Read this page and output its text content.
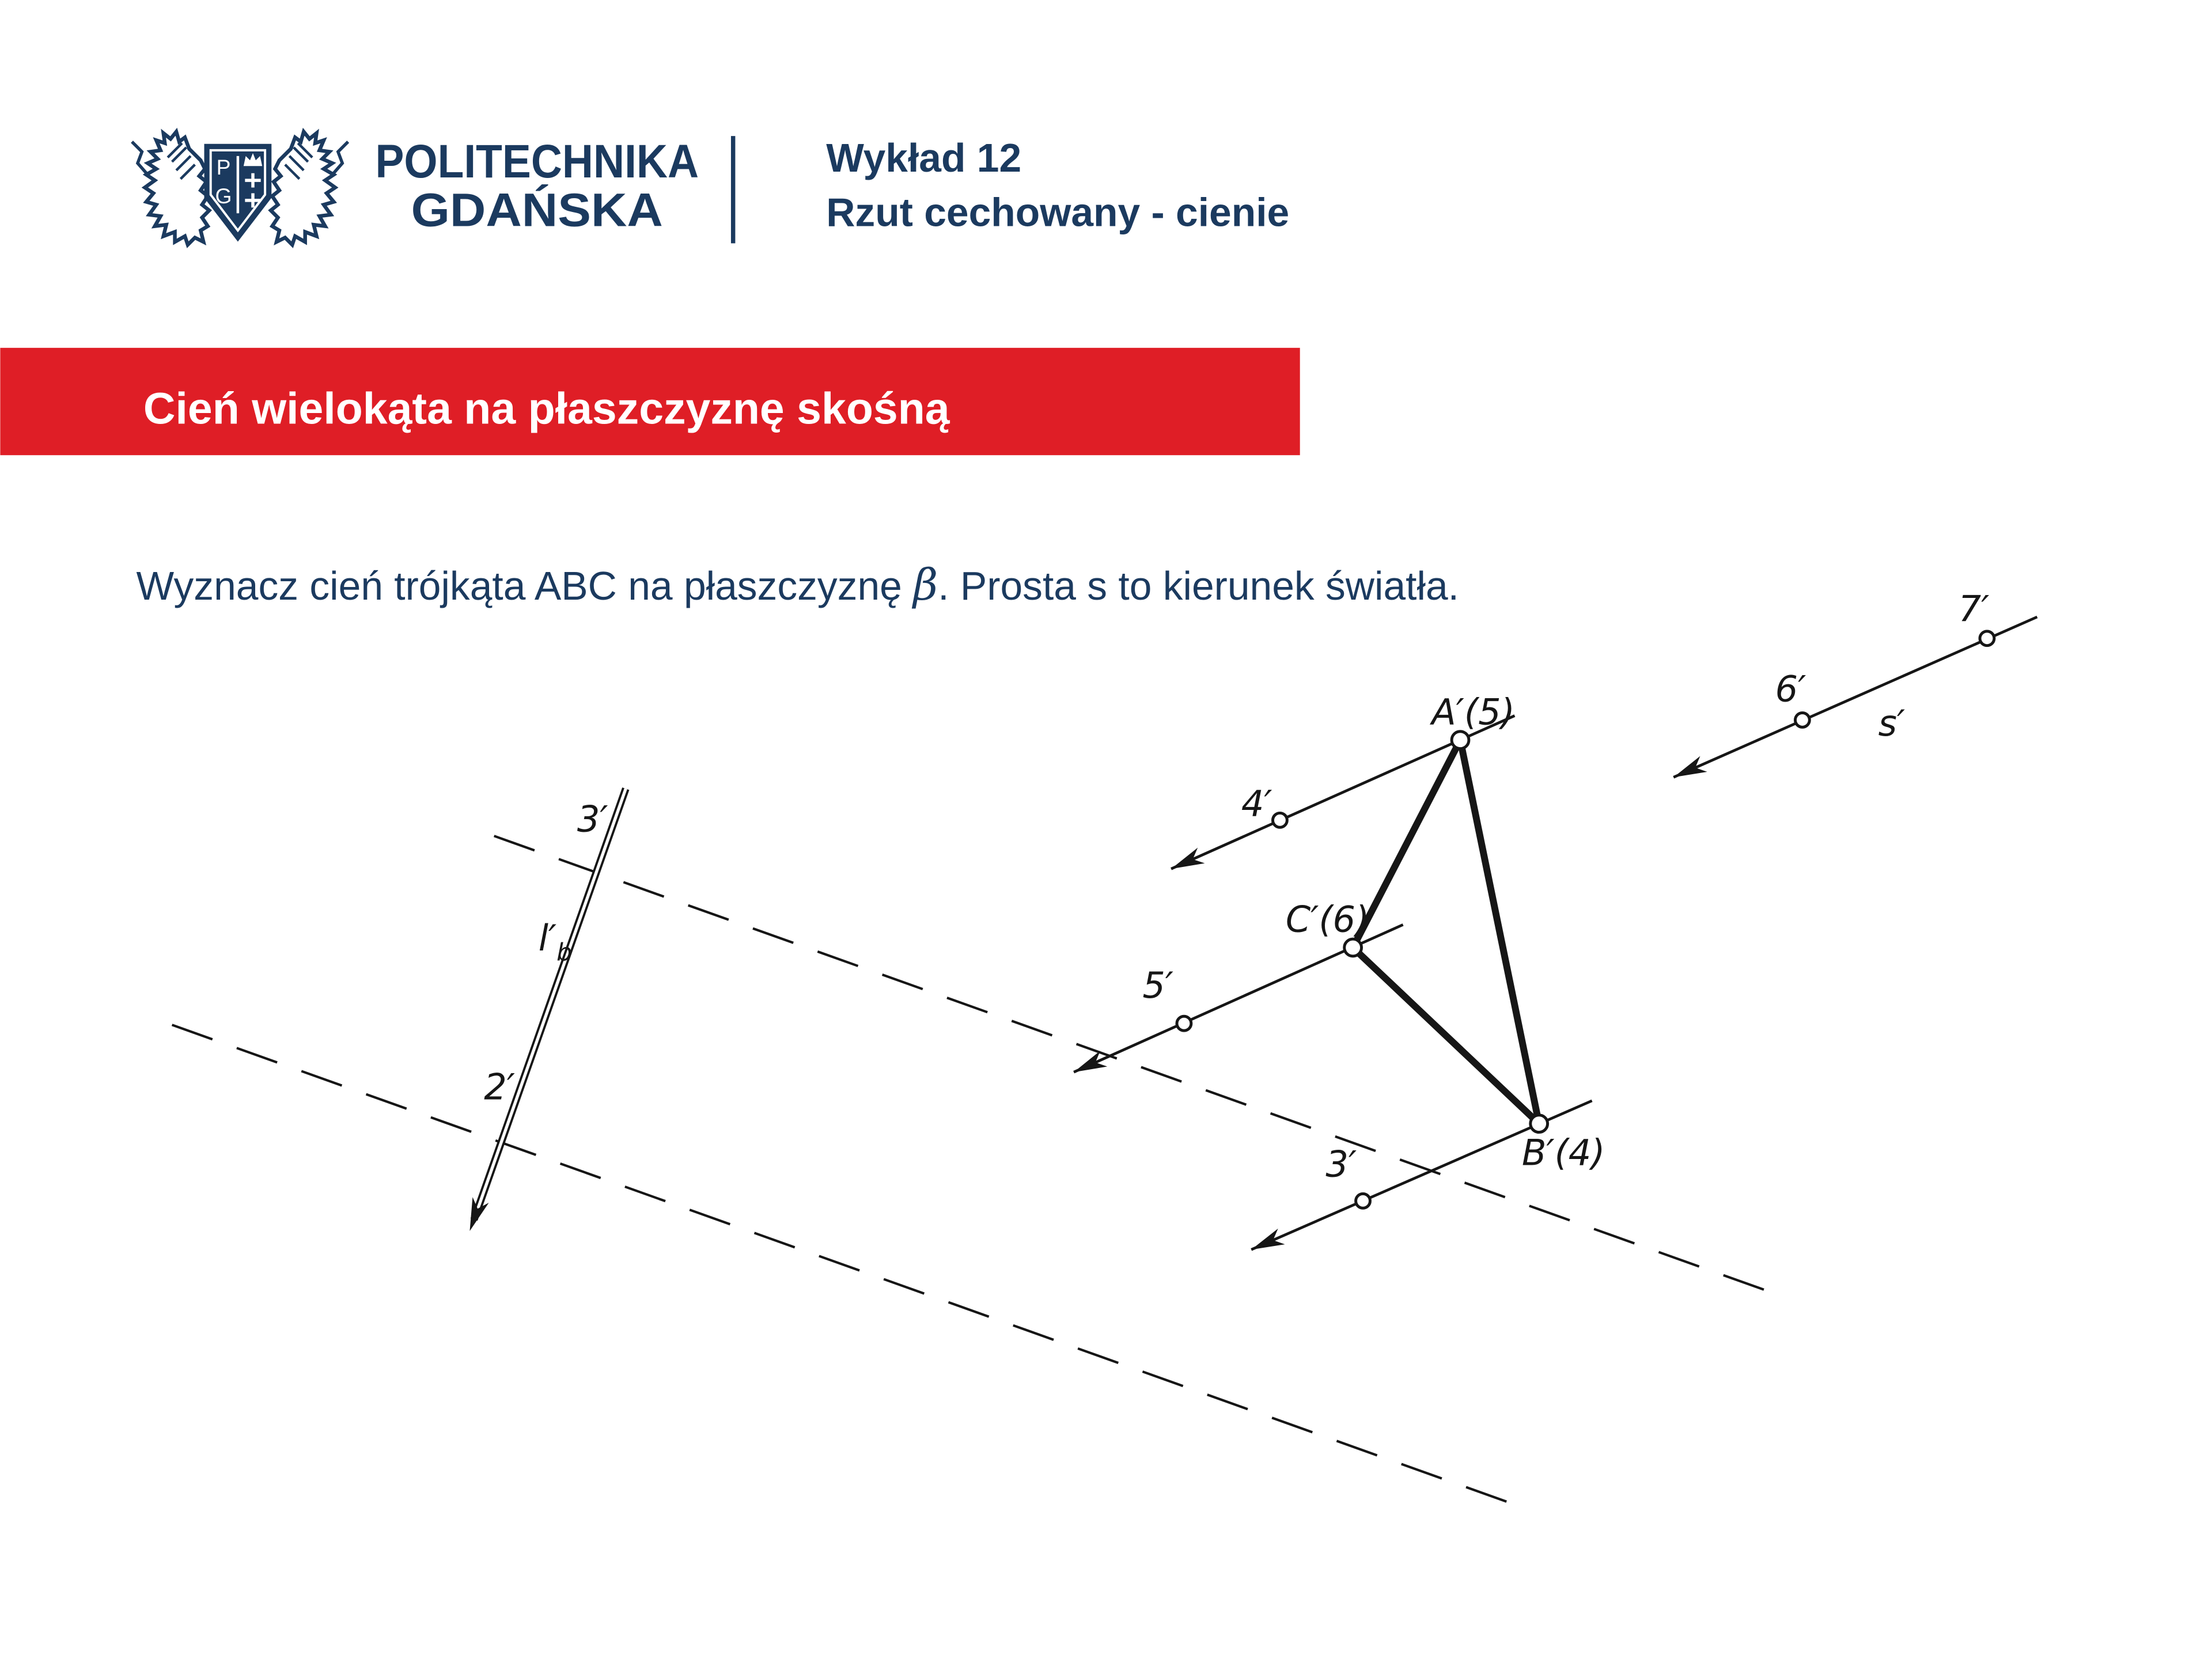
P
G
POLITECHNIKA
GDAŃSKA
Wykład 12
Rzut cechowany - cienie
Cień wielokąta na płaszczyznę skośną
Wyznacz cień trójkąta ABC na płaszczyznę β. Prosta s to kierunek światła.
A′(5)
C′(6)
B′(4)
4′
5′
3′
6′
7′
s′
3′
2′
$l'_b$
